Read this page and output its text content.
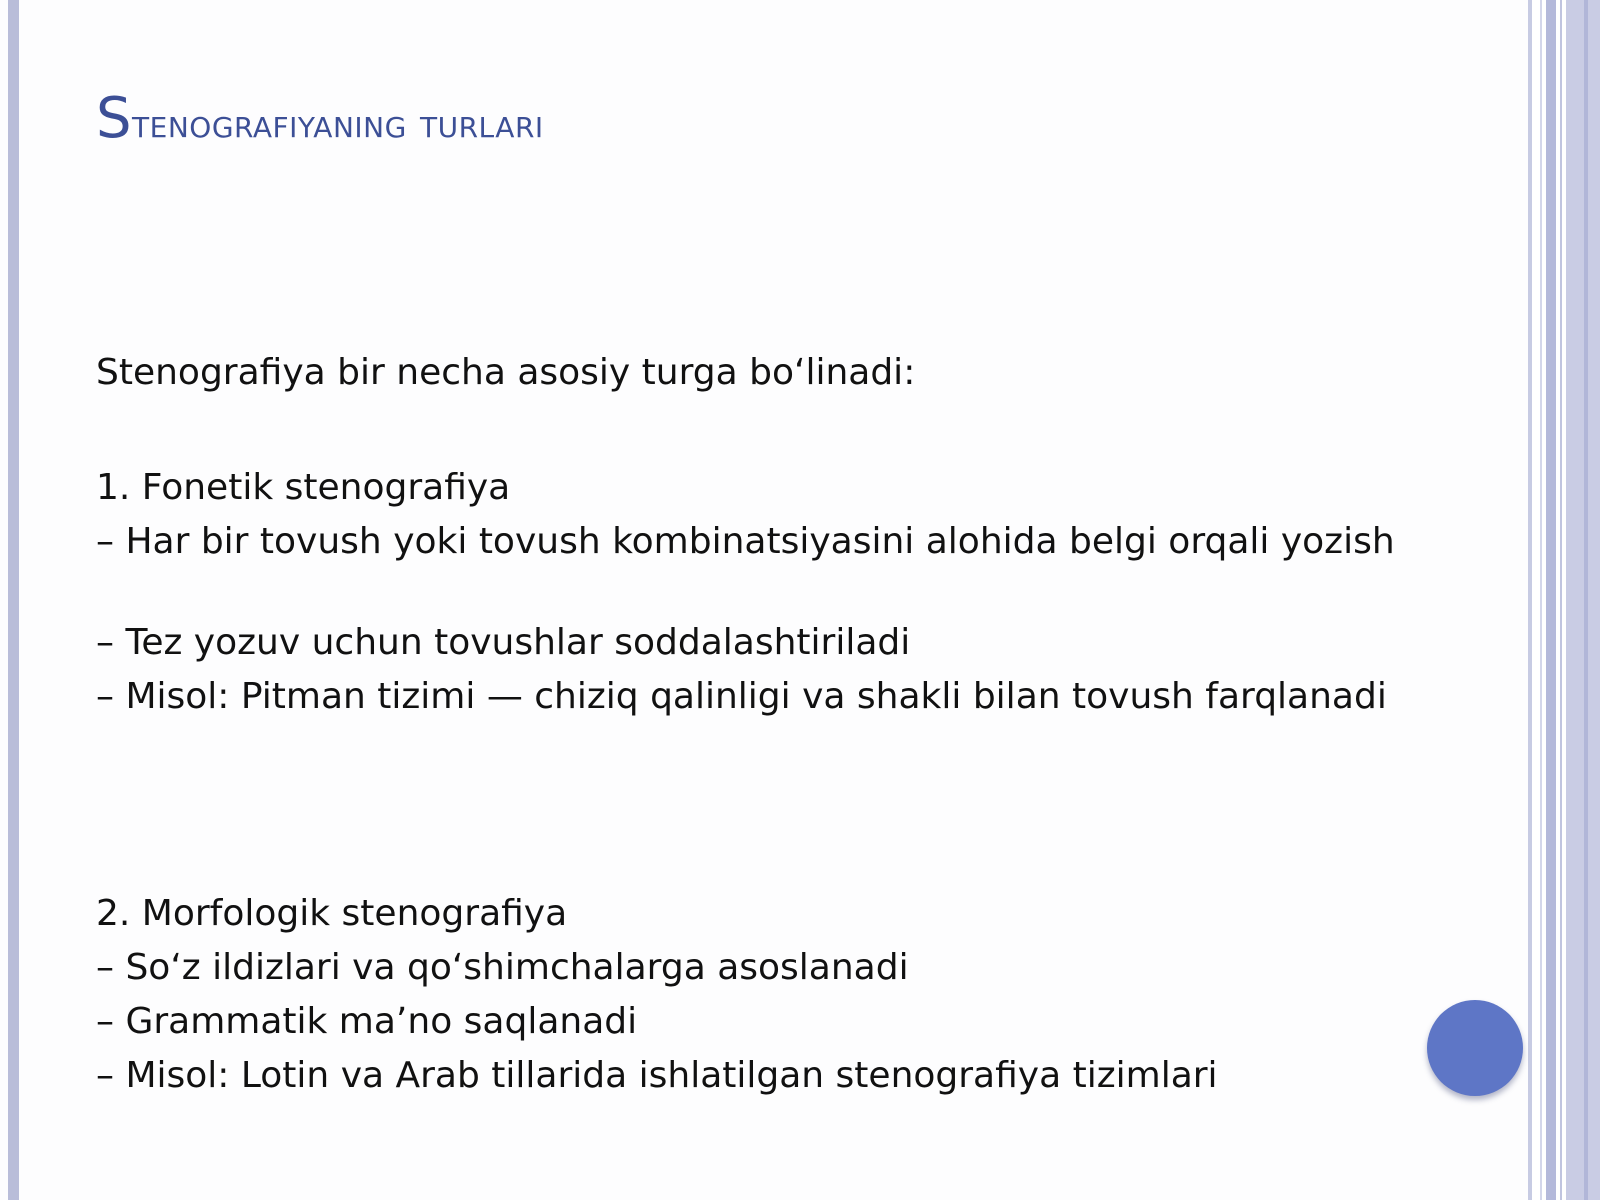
Stenografiyaning turlari

Stenografiya bir necha asosiy turga bo‘linadi:

1. Fonetik stenografiya

– Har bir tovush yoki tovush kombinatsiyasini alohida belgi orqali yozish

– Tez yozuv uchun tovushlar soddalashtiriladi

– Misol: Pitman tizimi — chiziq qalinligi va shakli bilan tovush farqlanadi

2. Morfologik stenografiya

– So‘z ildizlari va qo‘shimchalarga asoslanadi

– Grammatik ma’no saqlanadi

– Misol: Lotin va Arab tillarida ishlatilgan stenografiya tizimlari
